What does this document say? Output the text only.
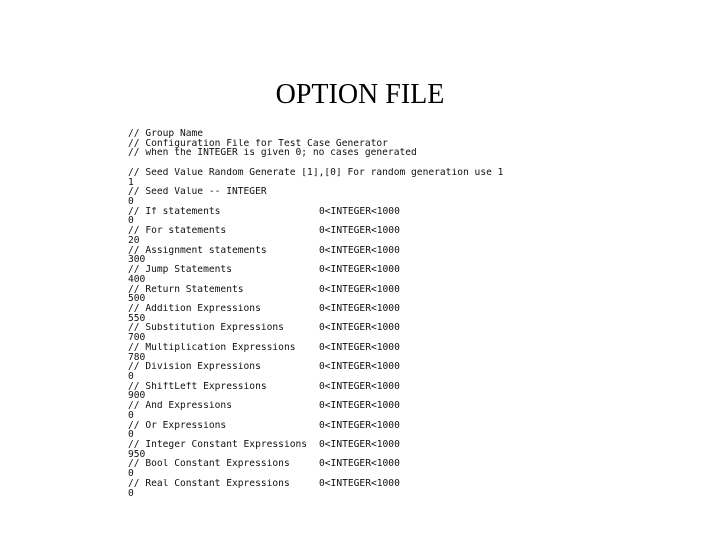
OPTION FILE
// Group Name
// Configuration File for Test Case Generator
// when the INTEGER is given 0; no cases generated
// Seed Value Random Generate [1],[0] For random generation use 1
1
// Seed Value -- INTEGER
0
// If statements	0<INTEGER<1000
0
// For statements	0<INTEGER<1000
20
// Assignment statements	0<INTEGER<1000
300
// Jump Statements	0<INTEGER<1000
400
// Return Statements	0<INTEGER<1000
500
// Addition Expressions	0<INTEGER<1000
550
// Substitution Expressions	0<INTEGER<1000
700
// Multiplication Expressions 0<INTEGER<1000
780
// Division Expressions	0<INTEGER<1000
0
// ShiftLeft Expressions	0<INTEGER<1000
900
// And Expressions	0<INTEGER<1000
0
// Or Expressions	0<INTEGER<1000
0
// Integer Constant Expressions 0<INTEGER<1000
950
// Bool Constant Expressions	0<INTEGER<1000
0
// Real Constant Expressions	0<INTEGER<1000
0
